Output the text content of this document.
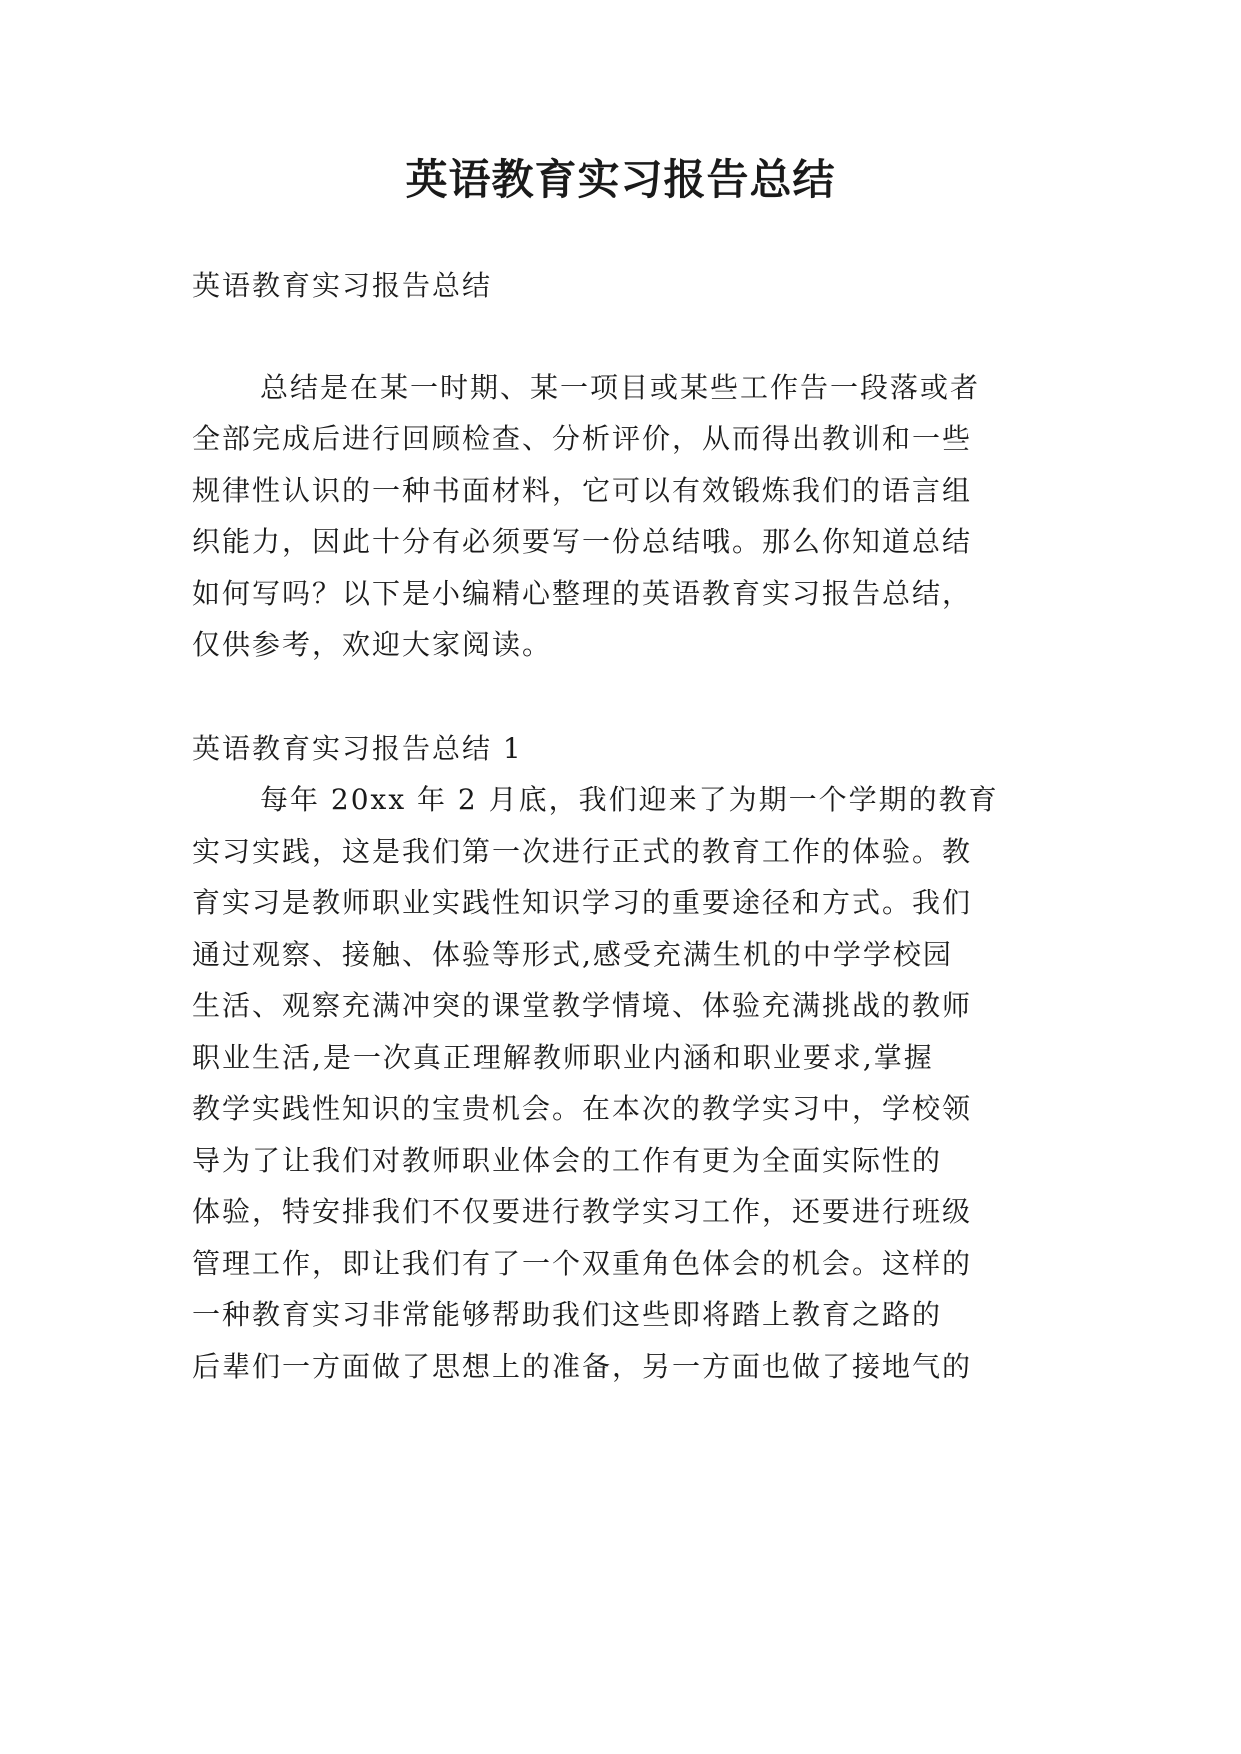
英语教育实习报告总结

英语教育实习报告总结

总结是在某一时期、某一项目或某些工作告一段落或者

全部完成后进行回顾检查、分析评价，从而得出教训和一些

规律性认识的一种书面材料，它可以有效锻炼我们的语言组

织能力，因此十分有必须要写一份总结哦。那么你知道总结

如何写吗？以下是小编精心整理的英语教育实习报告总结，

仅供参考，欢迎大家阅读。

英语教育实习报告总结 1

每年 20xx 年 2 月底，我们迎来了为期一个学期的教育

实习实践，这是我们第一次进行正式的教育工作的体验。教

育实习是教师职业实践性知识学习的重要途径和方式。我们

通过观察、接触、体验等形式,感受充满生机的中学学校园

生活、观察充满冲突的课堂教学情境、体验充满挑战的教师

职业生活,是一次真正理解教师职业内涵和职业要求,掌握

教学实践性知识的宝贵机会。在本次的教学实习中，学校领

导为了让我们对教师职业体会的工作有更为全面实际性的

体验，特安排我们不仅要进行教学实习工作，还要进行班级

管理工作，即让我们有了一个双重角色体会的机会。这样的

一种教育实习非常能够帮助我们这些即将踏上教育之路的

后辈们一方面做了思想上的准备，另一方面也做了接地气的
